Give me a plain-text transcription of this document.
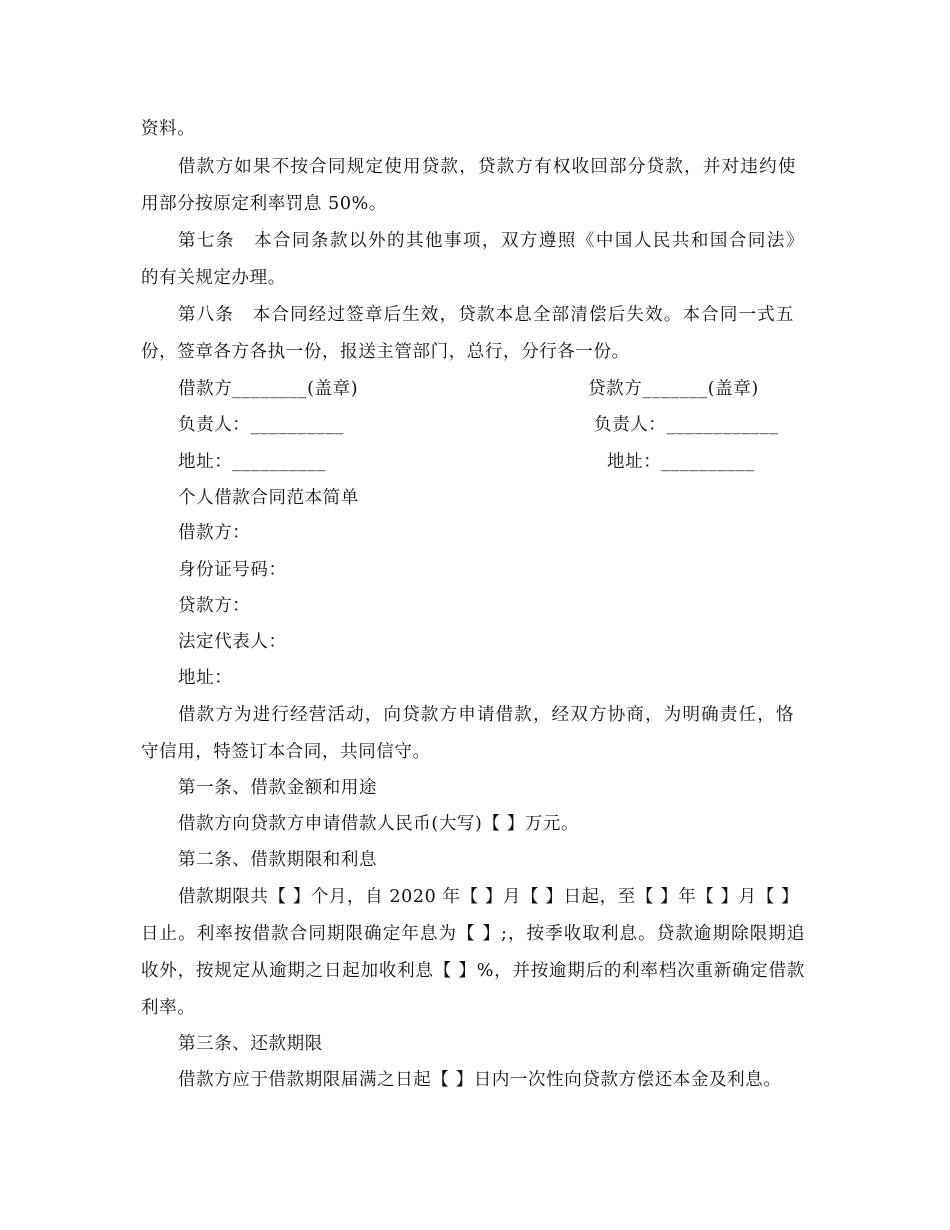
资料。
借款方如果不按合同规定使用贷款，贷款方有权收回部分贷款，并对违约使
用部分按原定利率罚息 50%。
第七条　本合同条款以外的其他事项，双方遵照《中国人民共和国合同法》
的有关规定办理。
第八条　本合同经过签章后生效，贷款本息全部清偿后失效。本合同一式五
份，签章各方各执一份，报送主管部门，总行，分行各一份。
借款方________(盖章)	贷款方_______(盖章)
负责人：__________	负责人：____________
地址：__________	地址：__________
个人借款合同范本简单
借款方：
身份证号码：
贷款方：
法定代表人：
地址：
借款方为进行经营活动，向贷款方申请借款，经双方协商，为明确责任，恪
守信用，特签订本合同，共同信守。
第一条、借款金额和用途
借款方向贷款方申请借款人民币(大写)【 】万元。
第二条、借款期限和利息
借款期限共【 】个月，自 2020 年【 】月【 】日起，至【 】年【 】月【 】
日止。利率按借款合同期限确定年息为【 】;，按季收取利息。贷款逾期除限期追
收外，按规定从逾期之日起加收利息【 】%，并按逾期后的利率档次重新确定借款
利率。
第三条、还款期限
借款方应于借款期限届满之日起【 】日内一次性向贷款方偿还本金及利息。
